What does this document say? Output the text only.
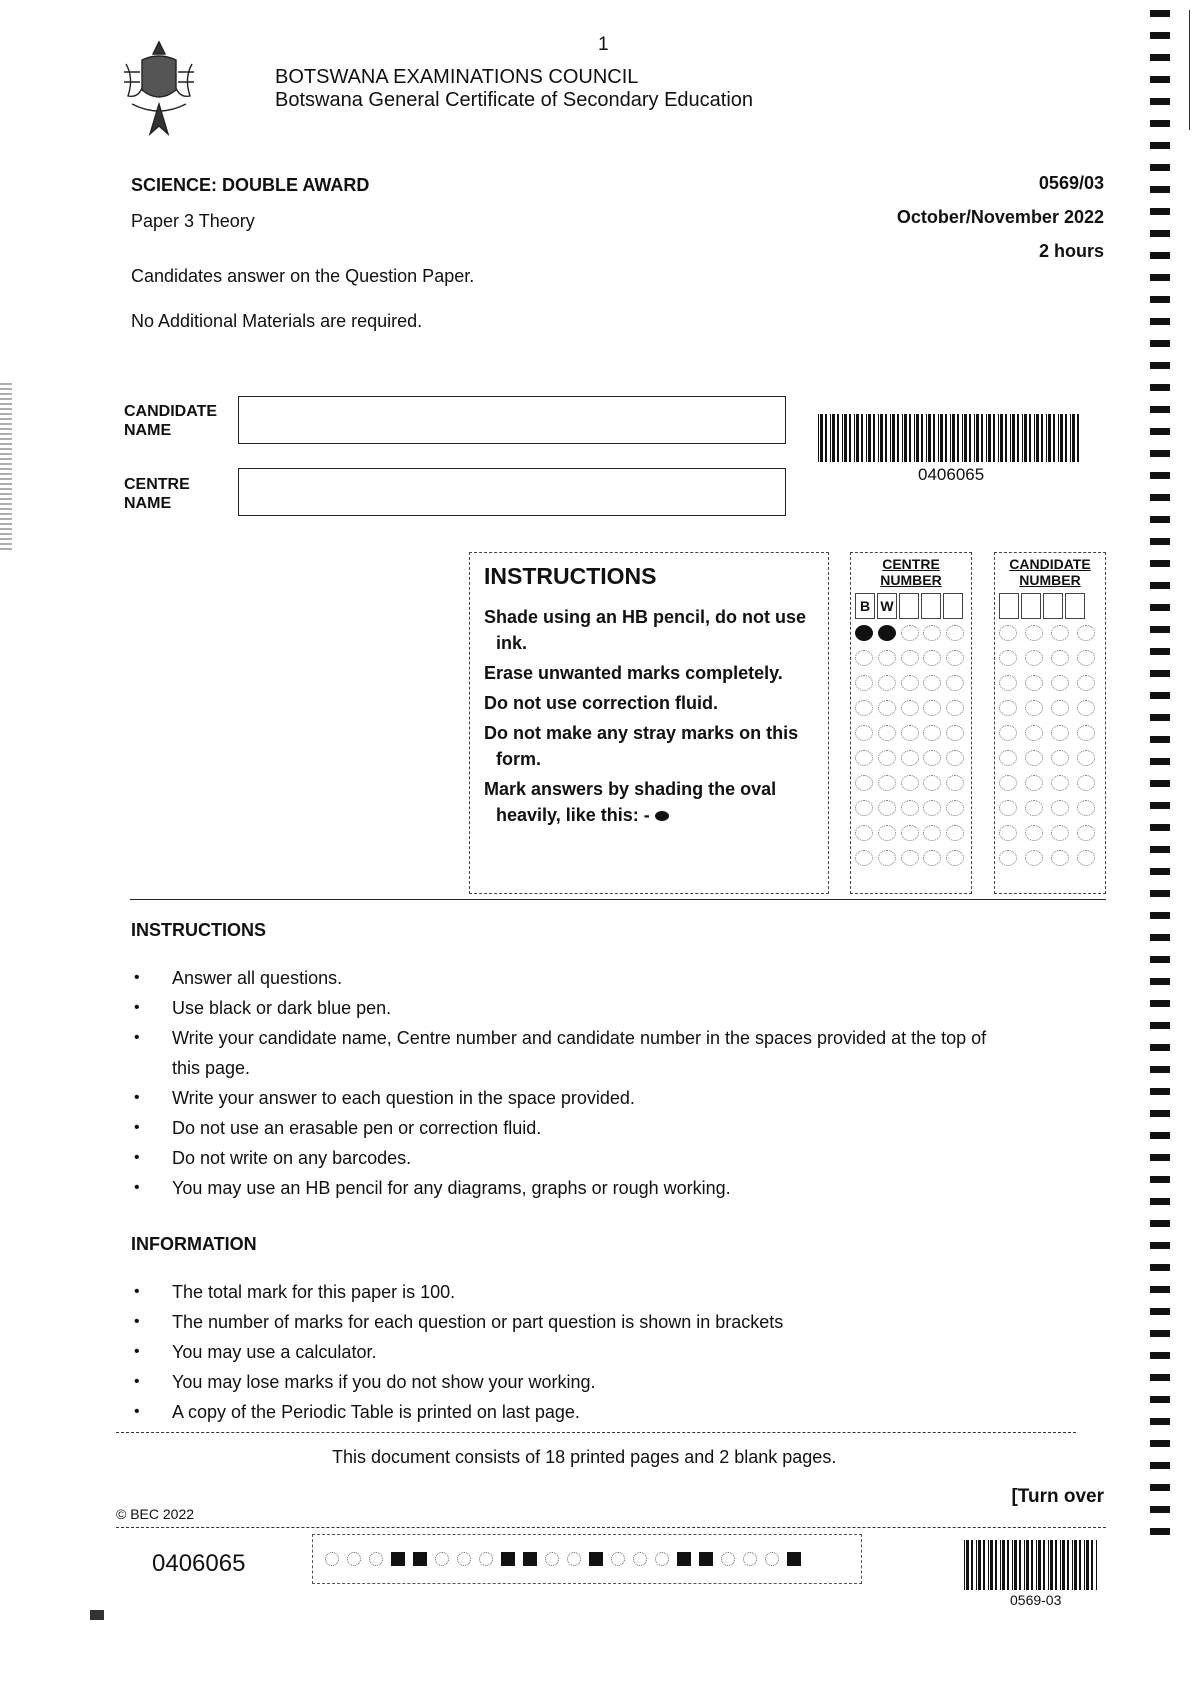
1
BOTSWANA EXAMINATIONS COUNCIL
Botswana General Certificate of Secondary Education
SCIENCE: DOUBLE AWARD
Paper 3 Theory
0569/03
October/November 2022
2 hours
Candidates answer on the Question Paper.
No Additional Materials are required.
CANDIDATE
NAME
CENTRE
NAME
0406065
INSTRUCTIONS
Shade using an HB pencil, do not use ink.
Erase unwanted marks completely.
Do not use correction fluid.
Do not make any stray marks on this form.
Mark answers by shading the oval heavily, like this: -
CENTRE
NUMBER
B W
CANDIDATE
NUMBER
INSTRUCTIONS
• Answer all questions.
• Use black or dark blue pen.
• Write your candidate name, Centre number and candidate number in the spaces provided at the top of this page.
• Write your answer to each question in the space provided.
• Do not use an erasable pen or correction fluid.
• Do not write on any barcodes.
• You may use an HB pencil for any diagrams, graphs or rough working.
INFORMATION
• The total mark for this paper is 100.
• The number of marks for each question or part question is shown in brackets
• You may use a calculator.
• You may lose marks if you do not show your working.
• A copy of the Periodic Table is printed on last page.
This document consists of 18 printed pages and 2 blank pages.
[Turn over
© BEC 2022
0406065
0569-03
